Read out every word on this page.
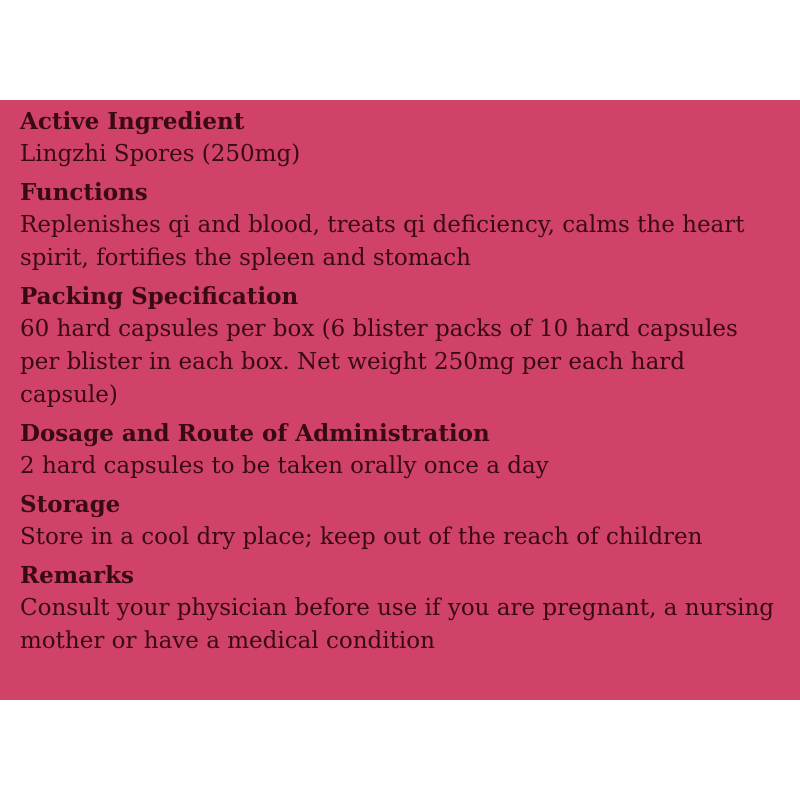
Active Ingredient

Lingzhi Spores (250mg)

Functions

Replenishes qi and blood, treats qi deficiency, calms the heart spirit, fortifies the spleen and stomach

Packing Specification

60 hard capsules per box (6 blister packs of 10 hard capsules per blister in each box. Net weight 250mg per each hard capsule)

Dosage and Route of Administration

2 hard capsules to be taken orally once a day

Storage

Store in a cool dry place; keep out of the reach of children

Remarks

Consult your physician before use if you are pregnant, a nursing mother or have a medical condition
